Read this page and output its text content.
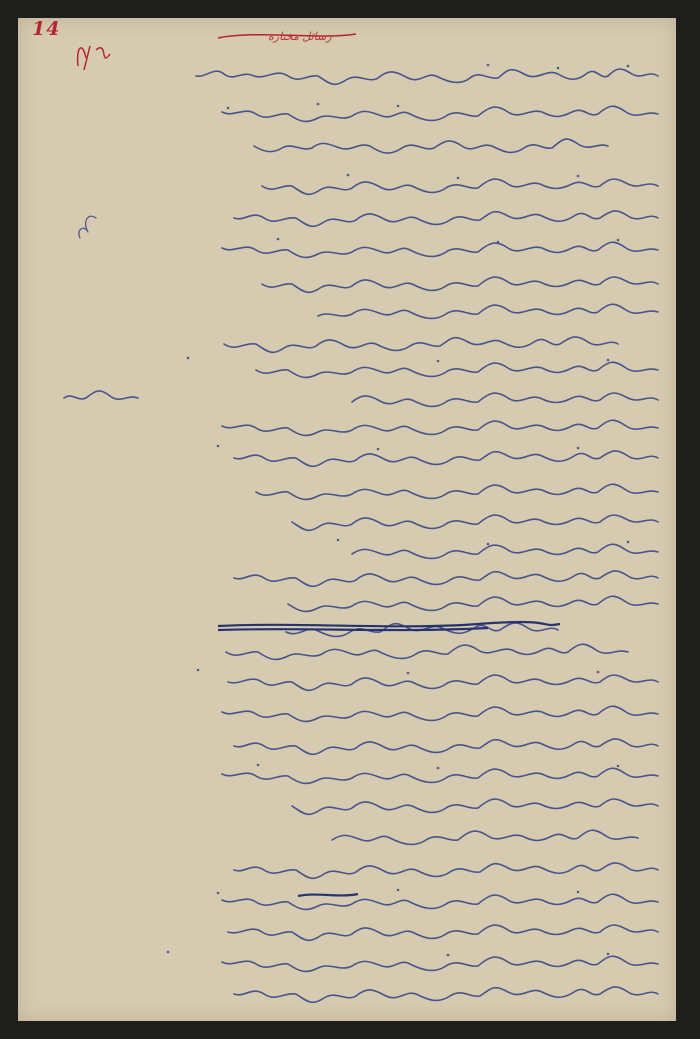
14	رسائل مختارة
